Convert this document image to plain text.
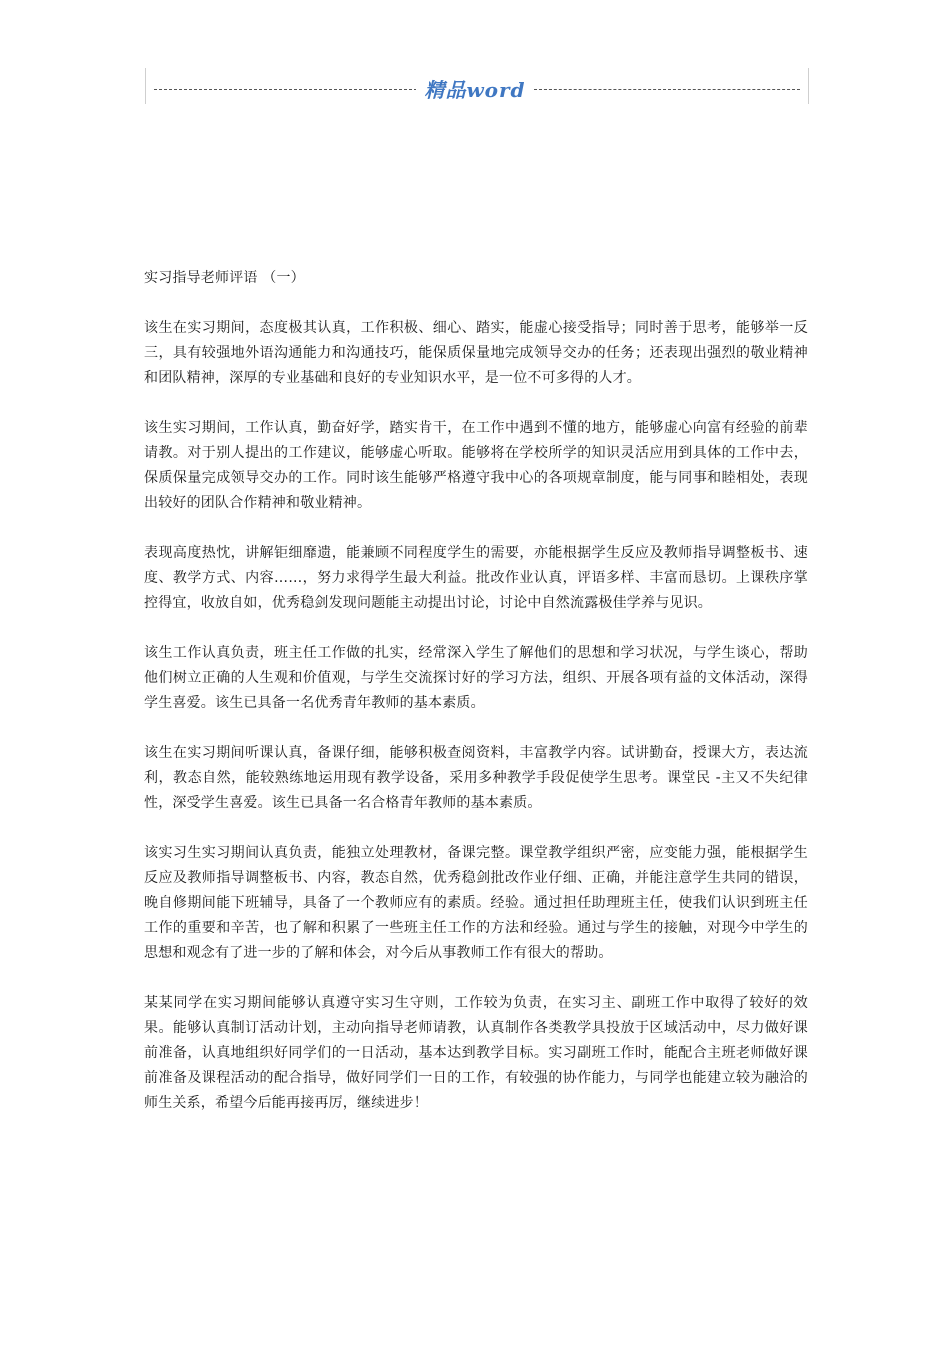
精品word
实习指导老师评语 （一）

该生在实习期间，态度极其认真，工作积极、细心、踏实，能虚心接受指导；同时善于思考，能够举一反三，具有较强地外语沟通能力和沟通技巧，能保质保量地完成领导交办的任务；还表现出强烈的敬业精神和团队精神，深厚的专业基础和良好的专业知识水平，是一位不可多得的人才。

该生实习期间，工作认真，勤奋好学，踏实肯干，在工作中遇到不懂的地方，能够虚心向富有经验的前辈请教。对于别人提出的工作建议，能够虚心听取。能够将在学校所学的知识灵活应用到具体的工作中去，保质保量完成领导交办的工作。同时该生能够严格遵守我中心的各项规章制度，能与同事和睦相处，表现出较好的团队合作精神和敬业精神。

表现高度热忱，讲解钜细靡遗，能兼顾不同程度学生的需要，亦能根据学生反应及教师指导调整板书、速度、教学方式、内容……，努力求得学生最大利益。批改作业认真，评语多样、丰富而恳切。上课秩序掌控得宜，收放自如，优秀稳剑发现问题能主动提出讨论，讨论中自然流露极佳学养与见识。

该生工作认真负责，班主任工作做的扎实，经常深入学生了解他们的思想和学习状况，与学生谈心，帮助他们树立正确的人生观和价值观，与学生交流探讨好的学习方法，组织、开展各项有益的文体活动，深得学生喜爱。该生已具备一名优秀青年教师的基本素质。

该生在实习期间听课认真，备课仔细，能够积极查阅资料，丰富教学内容。试讲勤奋，授课大方，表达流利，教态自然，能较熟练地运用现有教学设备，采用多种教学手段促使学生思考。课堂民 -主又不失纪律性，深受学生喜爱。该生已具备一名合格青年教师的基本素质。

该实习生实习期间认真负责，能独立处理教材，备课完整。课堂教学组织严密，应变能力强，能根据学生反应及教师指导调整板书、内容，教态自然，优秀稳剑批改作业仔细、正确，并能注意学生共同的错误，晚自修期间能下班辅导，具备了一个教师应有的素质。经验。通过担任助理班主任，使我们认识到班主任工作的重要和辛苦，也了解和积累了一些班主任工作的方法和经验。通过与学生的接触，对现今中学生的思想和观念有了进一步的了解和体会，对今后从事教师工作有很大的帮助。

某某同学在实习期间能够认真遵守实习生守则，工作较为负责，在实习主、副班工作中取得了较好的效果。能够认真制订活动计划，主动向指导老师请教，认真制作各类教学具投放于区域活动中，尽力做好课前准备，认真地组织好同学们的一日活动，基本达到教学目标。实习副班工作时，能配合主班老师做好课前准备及课程活动的配合指导，做好同学们一日的工作，有较强的协作能力，与同学也能建立较为融洽的师生关系，希望今后能再接再厉，继续进步！
